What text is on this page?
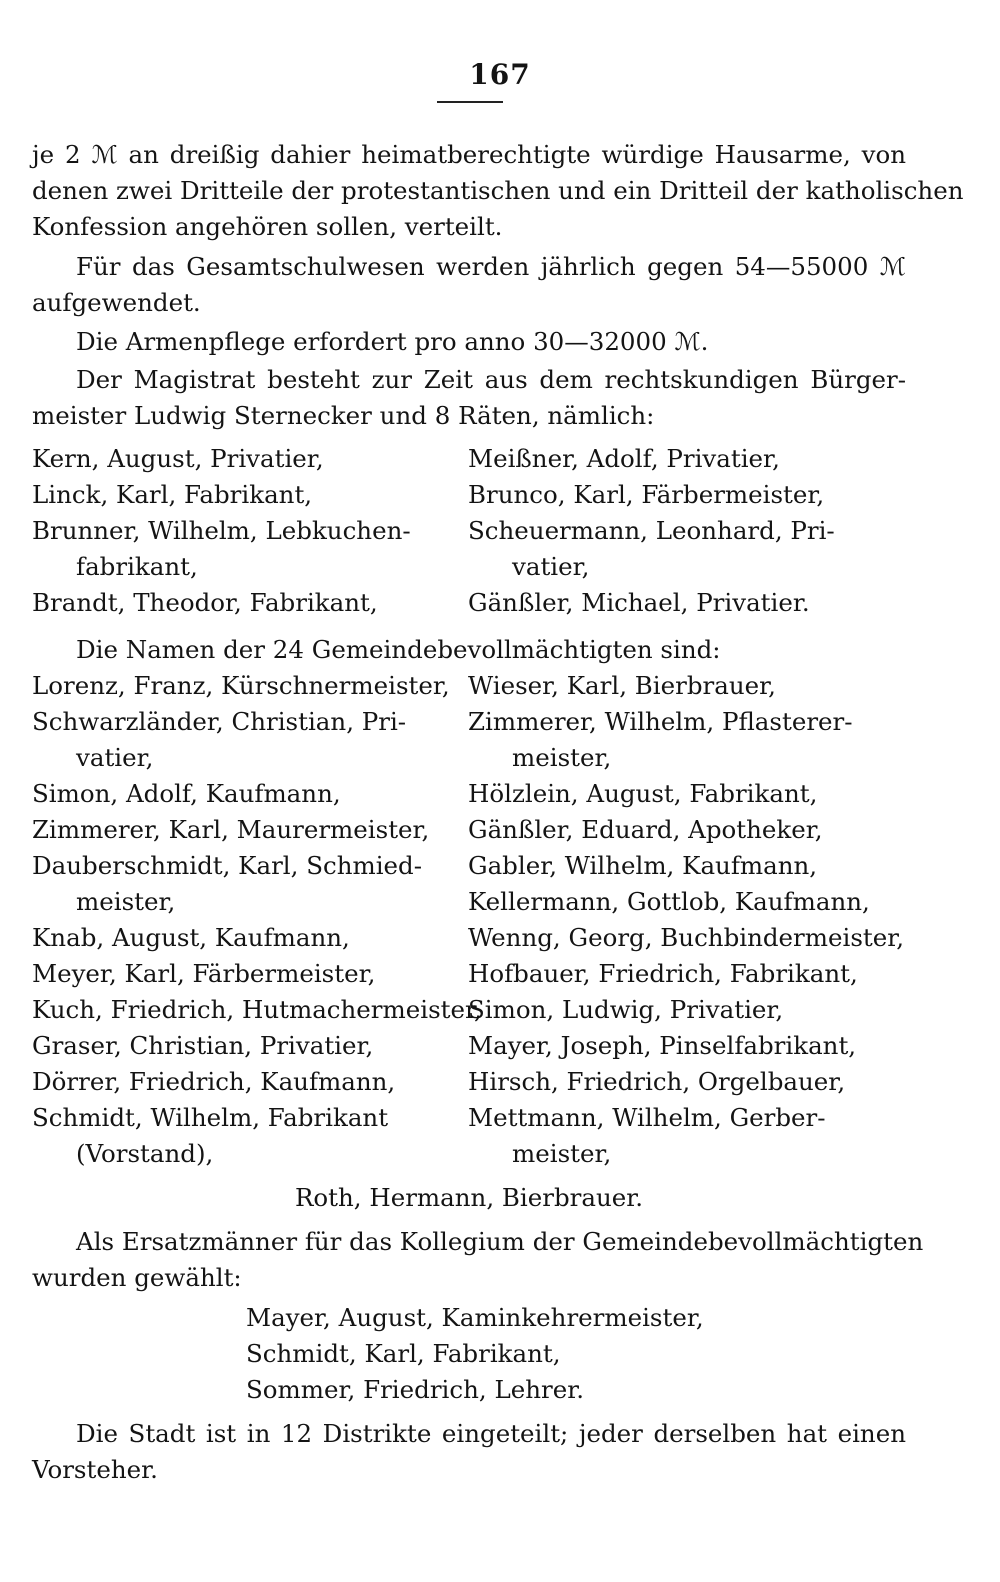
167
je 2 ℳ an dreißig dahier heimatberechtigte würdige Hausarme, von
denen zwei Dritteile der protestantischen und ein Dritteil der katholischen
Konfession angehören sollen, verteilt.
Für das Gesamtschulwesen werden jährlich gegen 54—55000 ℳ
aufgewendet.
Die Armenpflege erfordert pro anno 30—32000 ℳ.
Der Magistrat besteht zur Zeit aus dem rechtskundigen Bürger-
meister Ludwig Sternecker und 8 Räten, nämlich:
Kern, August, Privatier,
Linck, Karl, Fabrikant,
Brunner, Wilhelm, Lebkuchen-
fabrikant,
Brandt, Theodor, Fabrikant,
Meißner, Adolf, Privatier,
Brunco, Karl, Färbermeister,
Scheuermann, Leonhard, Pri-
vatier,
Gänßler, Michael, Privatier.
Die Namen der 24 Gemeindebevollmächtigten sind:
Lorenz, Franz, Kürschnermeister,
Schwarzländer, Christian, Pri-
vatier,
Simon, Adolf, Kaufmann,
Zimmerer, Karl, Maurermeister,
Dauberschmidt, Karl, Schmied-
meister,
Knab, August, Kaufmann,
Meyer, Karl, Färbermeister,
Kuch, Friedrich, Hutmachermeister,
Graser, Christian, Privatier,
Dörrer, Friedrich, Kaufmann,
Schmidt, Wilhelm, Fabrikant
(Vorstand),
Wieser, Karl, Bierbrauer,
Zimmerer, Wilhelm, Pflasterer-
meister,
Hölzlein, August, Fabrikant,
Gänßler, Eduard, Apotheker,
Gabler, Wilhelm, Kaufmann,
Kellermann, Gottlob, Kaufmann,
Wenng, Georg, Buchbindermeister,
Hofbauer, Friedrich, Fabrikant,
Simon, Ludwig, Privatier,
Mayer, Joseph, Pinselfabrikant,
Hirsch, Friedrich, Orgelbauer,
Mettmann, Wilhelm, Gerber-
meister,
Roth, Hermann, Bierbrauer.
Als Ersatzmänner für das Kollegium der Gemeindebevollmächtigten
wurden gewählt:
Mayer, August, Kaminkehrermeister,
Schmidt, Karl, Fabrikant,
Sommer, Friedrich, Lehrer.
Die Stadt ist in 12 Distrikte eingeteilt; jeder derselben hat einen
Vorsteher.
